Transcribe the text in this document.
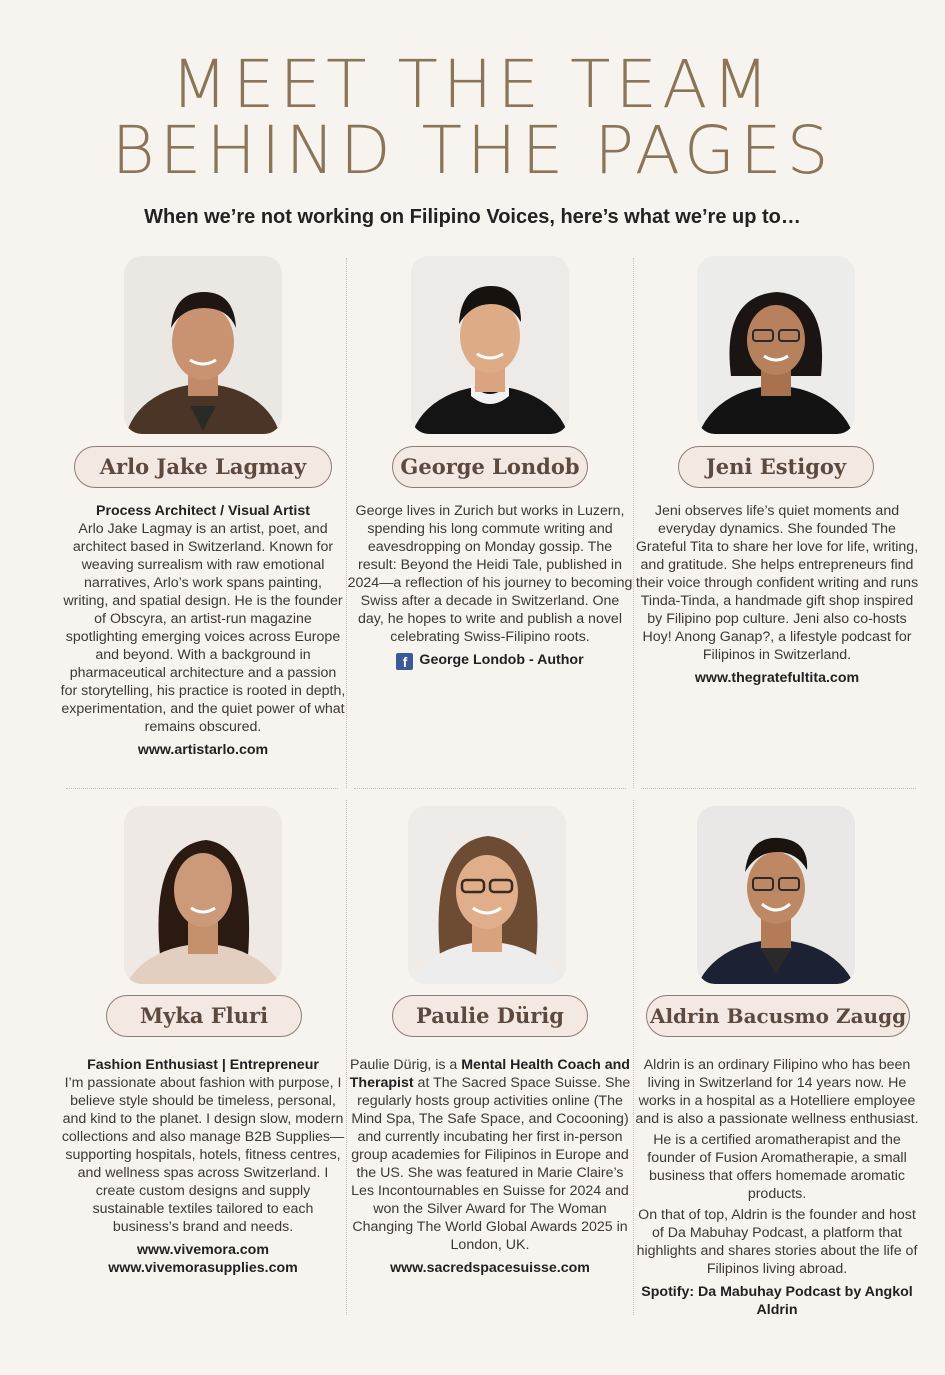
MEET THE TEAM
BEHIND THE PAGES
When we’re not working on Filipino Voices, here’s what we’re up to…
Arlo Jake Lagmay

Process Architect / Visual Artist

Arlo Jake Lagmay is an artist, poet, and architect based in Switzerland. Known for weaving surrealism with raw emotional narratives, Arlo’s work spans painting, writing, and spatial design. He is the founder of Obscyra, an artist-run magazine spotlighting emerging voices across Europe and beyond. With a background in pharmaceutical architecture and a passion for storytelling, his practice is rooted in depth, experimentation, and the quiet power of what remains obscured.

www.artistarlo.com

George Londob

George lives in Zurich but works in Luzern, spending his long commute writing and eavesdropping on Monday gossip. The result: Beyond the Heidi Tale, published in 2024—a reflection of his journey to becoming Swiss after a decade in Switzerland. One day, he hopes to write and publish a novel celebrating Swiss-Filipino roots.

f George Londob - Author

Jeni Estigoy

Jeni observes life’s quiet moments and everyday dynamics. She founded The Grateful Tita to share her love for life, writing, and gratitude. She helps entrepreneurs find their voice through confident writing and runs Tinda-Tinda, a handmade gift shop inspired by Filipino pop culture. Jeni also co-hosts Hoy! Anong Ganap?, a lifestyle podcast for Filipinos in Switzerland.

www.thegratefultita.com

Myka Fluri

Fashion Enthusiast | Entrepreneur

I’m passionate about fashion with purpose, I believe style should be timeless, personal, and kind to the planet. I design slow, modern collections and also manage B2B Supplies—supporting hospitals, hotels, fitness centres, and wellness spas across Switzerland. I create custom designs and supply sustainable textiles tailored to each business’s brand and needs.

www.vivemora.com

www.vivemorasupplies.com

Paulie Dürig

Paulie Dürig, is a Mental Health Coach and Therapist at The Sacred Space Suisse. She regularly hosts group activities online (The Mind Spa, The Safe Space, and Cocooning) and currently incubating her first in-person group academies for Filipinos in Europe and the US. She was featured in Marie Claire’s Les Incontournables en Suisse for 2024 and won the Silver Award for The Woman Changing The World Global Awards 2025 in London, UK.

www.sacredspacesuisse.com

Aldrin Bacusmo Zaugg

Aldrin is an ordinary Filipino who has been living in Switzerland for 14 years now. He works in a hospital as a Hotelliere employee and is also a passionate wellness enthusiast.

He is a certified aromatherapist and the founder of Fusion Aromatherapie, a small business that offers homemade aromatic products.

On that of top, Aldrin is the founder and host of Da Mabuhay Podcast, a platform that highlights and shares stories about the life of Filipinos living abroad.

Spotify: Da Mabuhay Podcast by Angkol Aldrin
